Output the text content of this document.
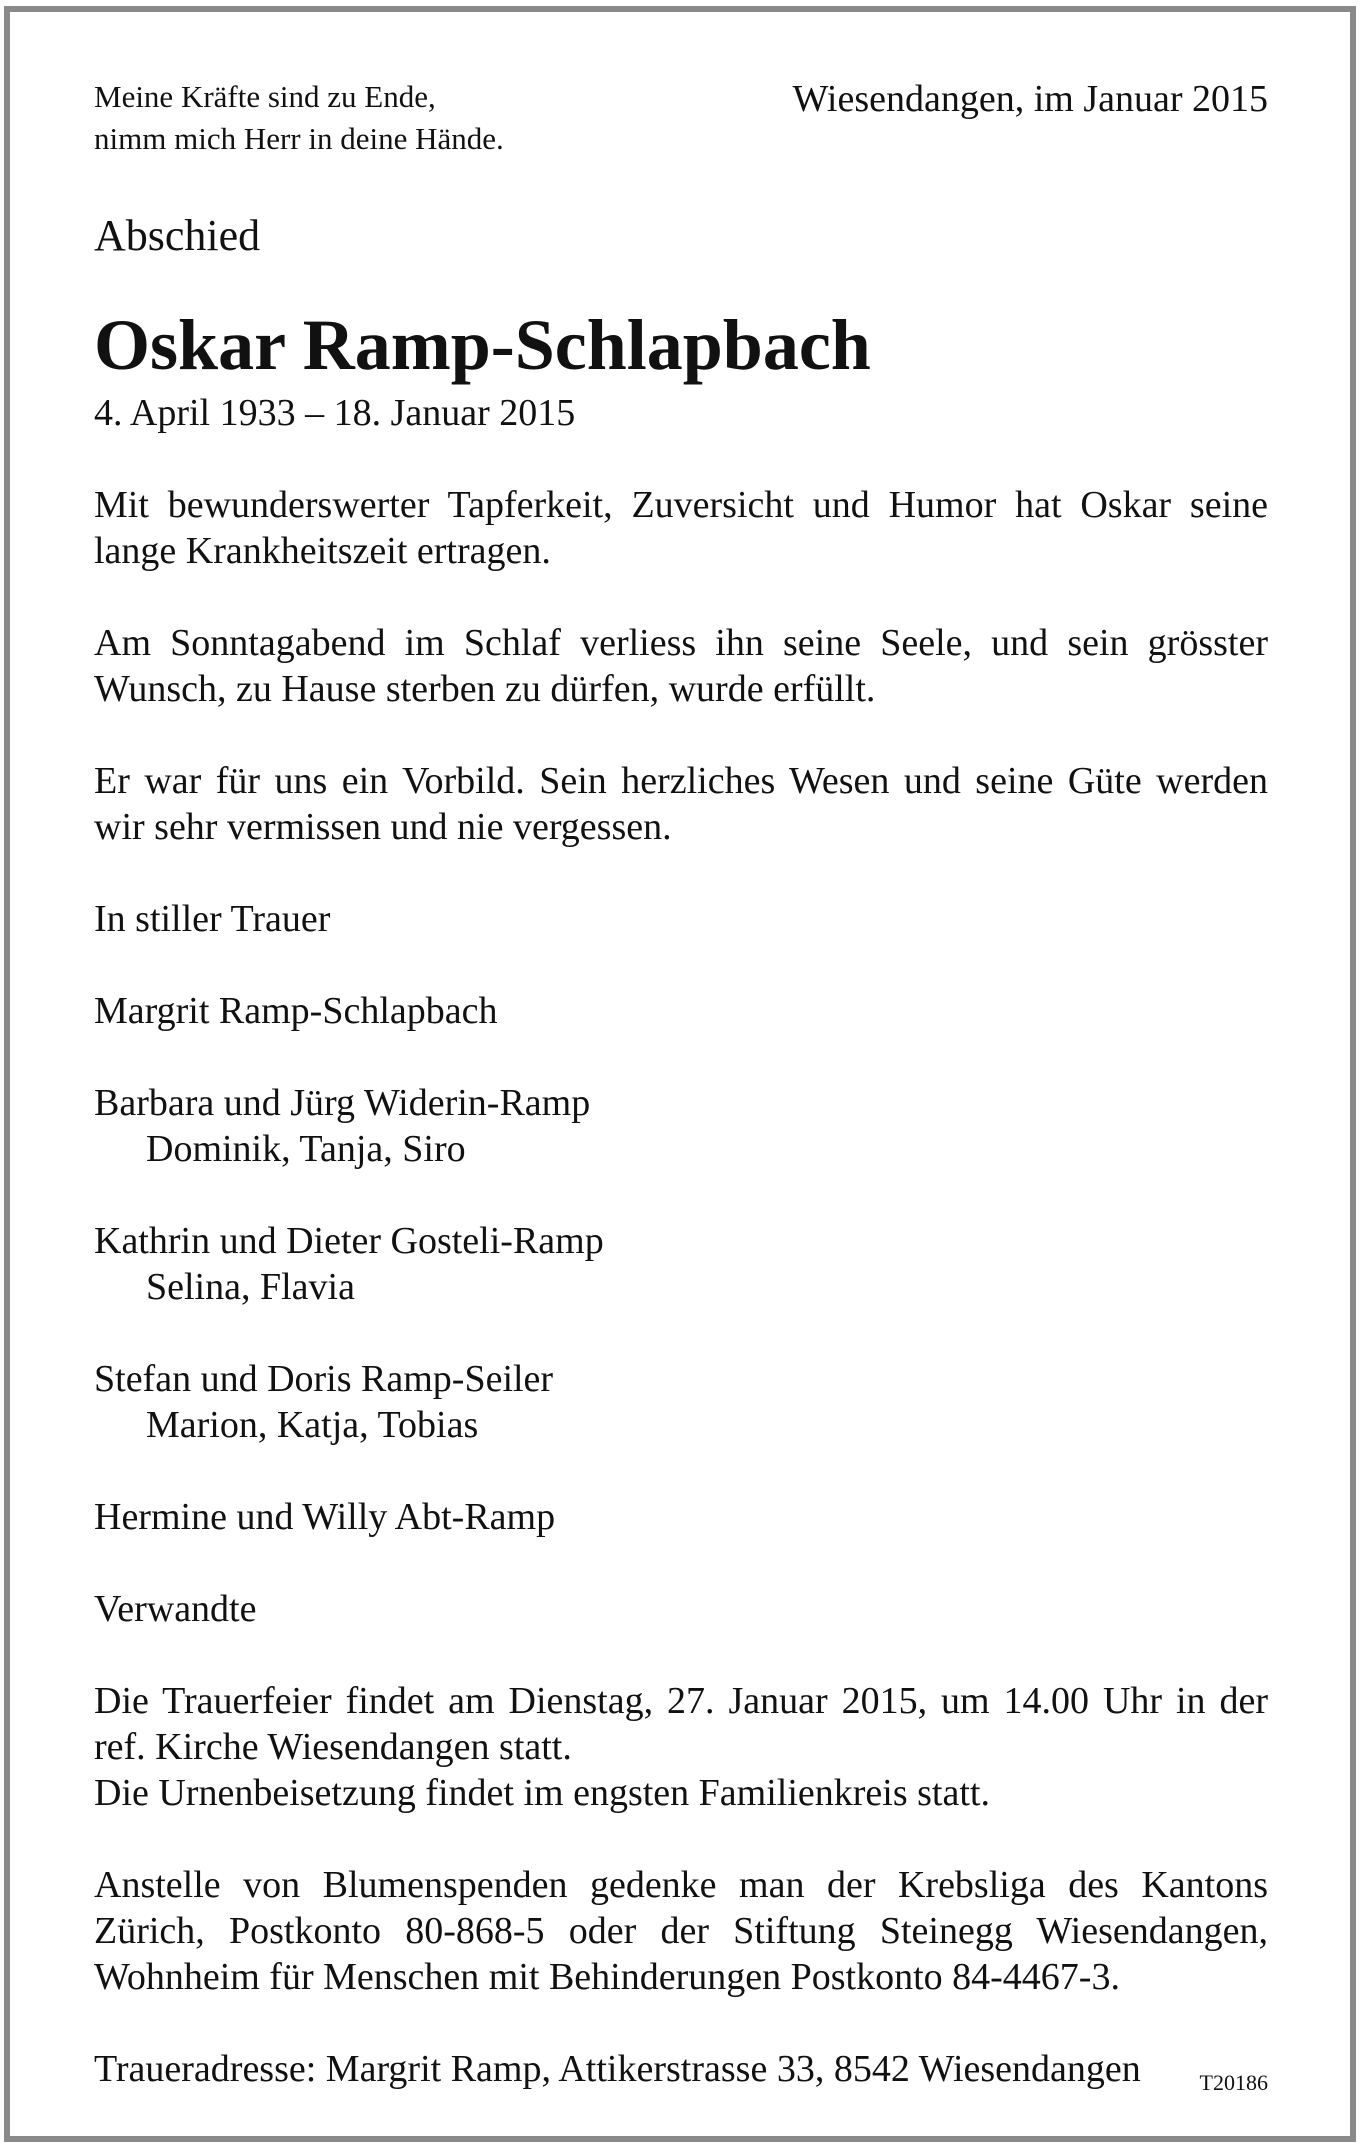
Meine Kräfte sind zu Ende,
nimm mich Herr in deine Hände.
Wiesendangen, im Januar 2015

Abschied

Oskar Ramp-Schlapbach

4. April 1933 – 18. Januar 2015

Mit bewunderswerter Tapferkeit, Zuversicht und Humor hat Oskar seine lange Krankheitszeit ertragen.

Am Sonntagabend im Schlaf verliess ihn seine Seele, und sein grösster Wunsch, zu Hause sterben zu dürfen, wurde erfüllt.

Er war für uns ein Vorbild. Sein herzliches Wesen und seine Güte werden wir sehr vermissen und nie vergessen.

In stiller Trauer

Margrit Ramp-Schlapbach
Barbara und Jürg Widerin-Ramp
Dominik, Tanja, Siro
Kathrin und Dieter Gosteli-Ramp
Selina, Flavia
Stefan und Doris Ramp-Seiler
Marion, Katja, Tobias
Hermine und Willy Abt-Ramp

Verwandte

Die Trauerfeier findet am Dienstag, 27. Januar 2015, um 14.00 Uhr in der ref. Kirche Wiesendangen statt.

Die Urnenbeisetzung findet im engsten Familienkreis statt.

Anstelle von Blumenspenden gedenke man der Krebsliga des Kantons Zürich, Postkonto 80-868-5 oder der Stiftung Steinegg Wiesendangen, Wohnheim für Menschen mit Behinderungen Postkonto 84-4467-3.

Traueradresse: Margrit Ramp, Attikerstrasse 33, 8542 Wiesendangen	T20186
